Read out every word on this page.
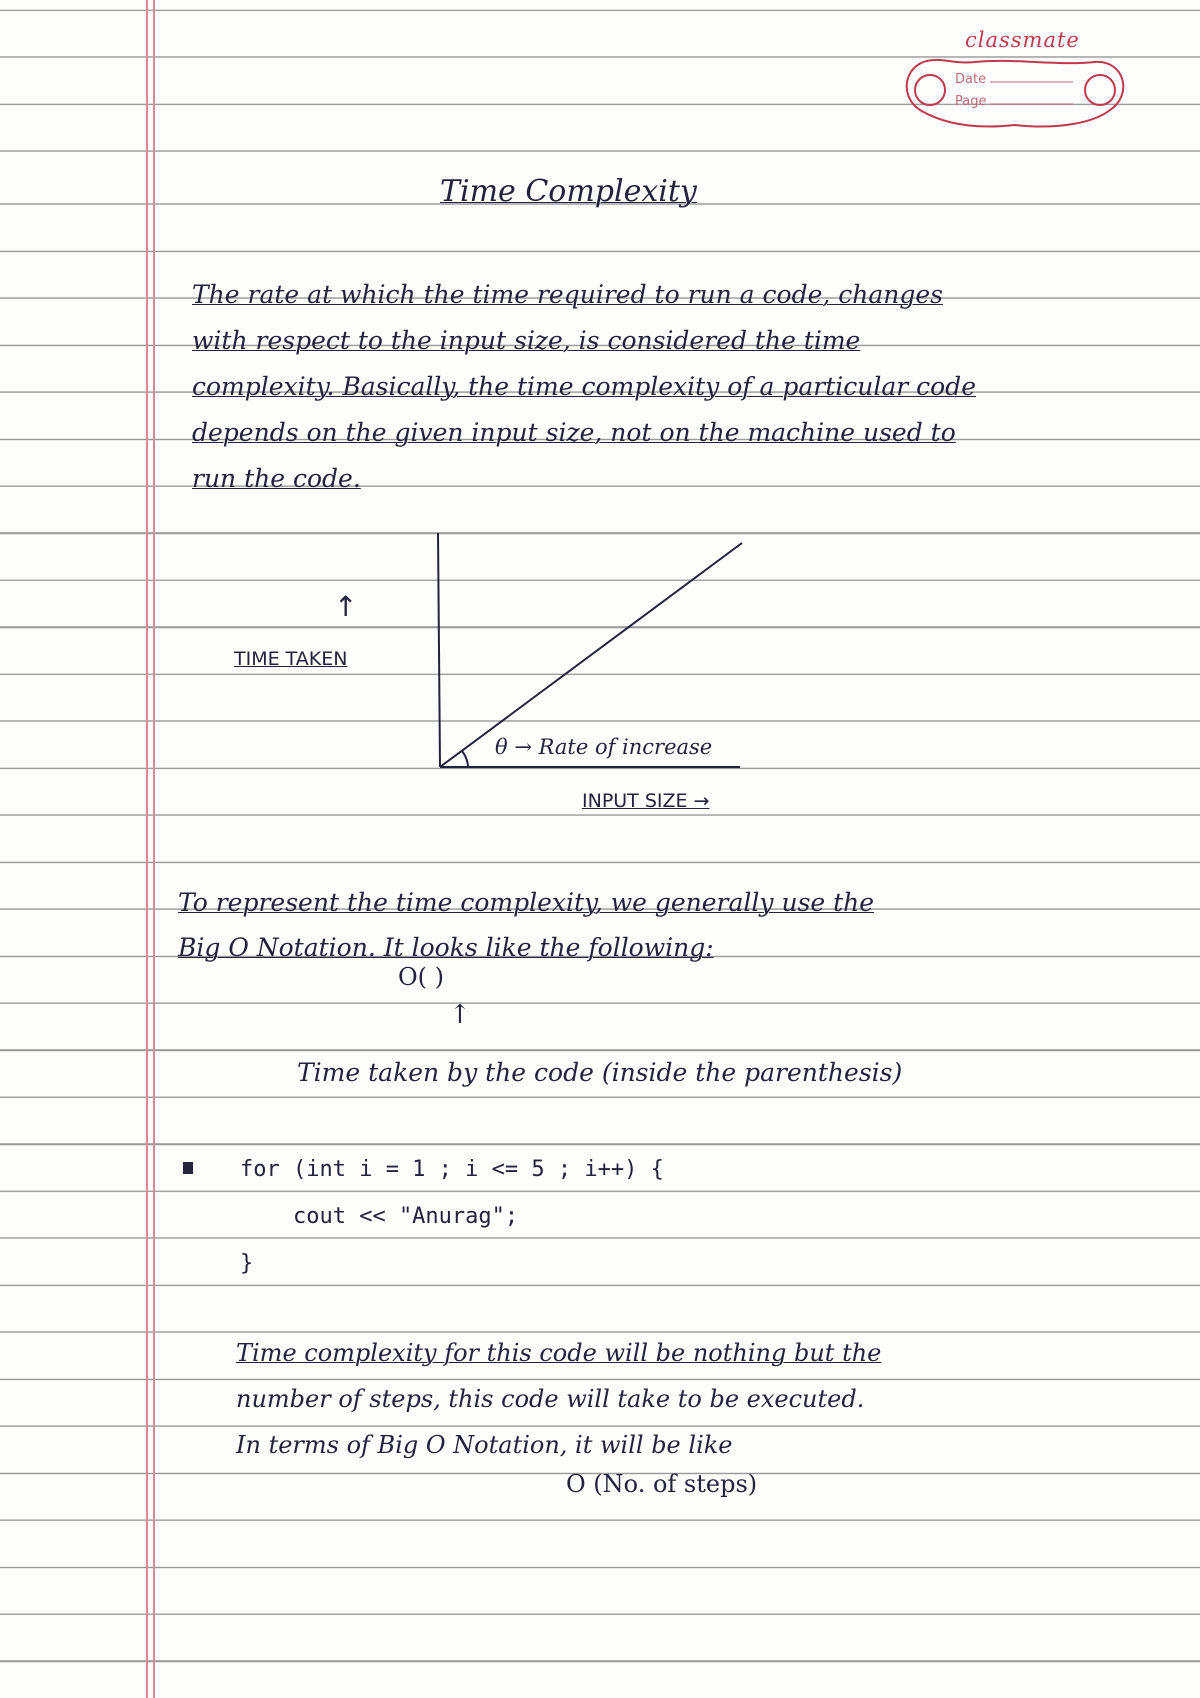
classmate
Date
Page
Time Complexity
The rate at which the time required to run a code, changes
with respect to the input size, is considered the time
complexity. Basically, the time complexity of a particular code
depends on the given input size, not on the machine used to
run the code.
↑
TIME TAKEN
θ → Rate of increase
INPUT SIZE →
To represent the time complexity, we generally use the
Big O Notation. It looks like the following:
O( )
↑
Time taken by the code (inside the parenthesis)
for (int i = 1 ; i <= 5 ; i++) {
cout << "Anurag";
}

Time complexity for this code will be nothing but the

number of steps, this code will take to be executed.

In terms of Big O Notation, it will be like

O (No. of steps)
